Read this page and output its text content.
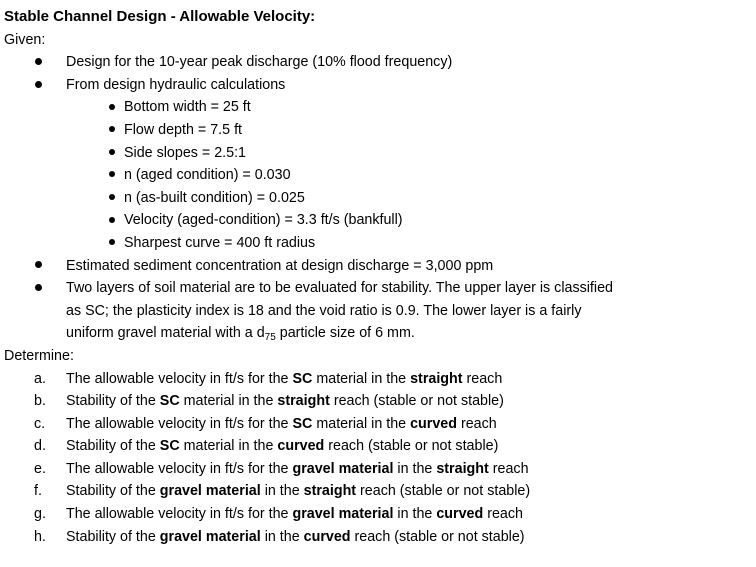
Stable Channel Design - Allowable Velocity:
Given:
Design for the 10-year peak discharge (10% flood frequency)
From design hydraulic calculations
Bottom width = 25 ft
Flow depth = 7.5 ft
Side slopes = 2.5:1
n (aged condition) = 0.030
n (as-built condition) = 0.025
Velocity (aged-condition) = 3.3 ft/s (bankfull)
Sharpest curve = 400 ft radius
Estimated sediment concentration at design discharge = 3,000 ppm
Two layers of soil material are to be evaluated for stability. The upper layer is classified
as SC; the plasticity index is 18 and the void ratio is 0.9. The lower layer is a fairly
uniform gravel material with a $d_{75}$ particle size of 6 mm.
Determine:
a. The allowable velocity in ft/s for the SC material in the straight reach
b. Stability of the SC material in the straight reach (stable or not stable)
c. The allowable velocity in ft/s for the SC material in the curved reach
d. Stability of the SC material in the curved reach (stable or not stable)
e. The allowable velocity in ft/s for the gravel material in the straight reach
f. Stability of the gravel material in the straight reach (stable or not stable)
g. The allowable velocity in ft/s for the gravel material in the curved reach
h. Stability of the gravel material in the curved reach (stable or not stable)
